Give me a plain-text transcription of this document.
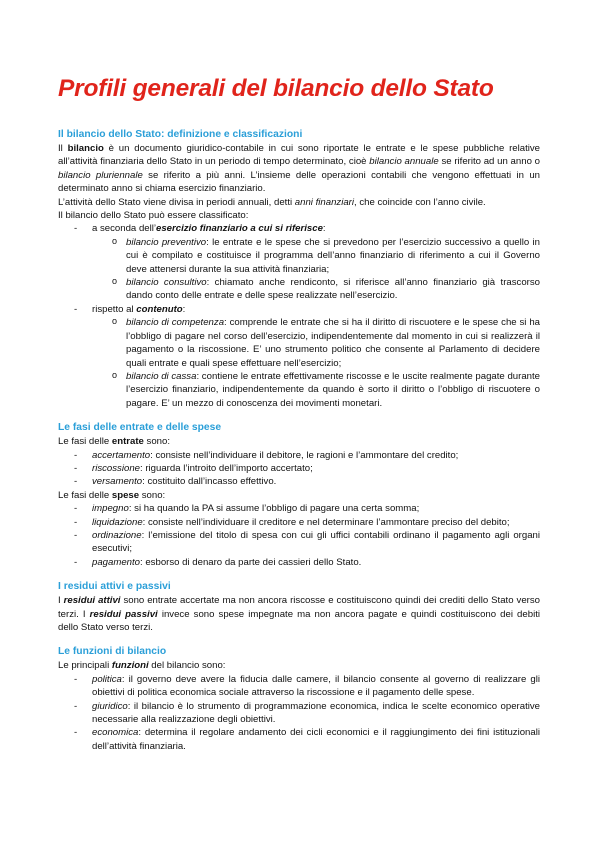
Profili generali del bilancio dello Stato
Il bilancio dello Stato: definizione e classificazioni

Il bilancio è un documento giuridico-contabile in cui sono riportate le entrate e le spese pubbliche relative all’attività finanziaria dello Stato in un periodo di tempo determinato, cioè bilancio annuale se riferito ad un anno o bilancio pluriennale se riferito a più anni. L’insieme delle operazioni contabili che vengono effettuati in un determinato anno si chiama esercizio finanziario.

L’attività dello Stato viene divisa in periodi annuali, detti anni finanziari, che coincide con l’anno civile.

Il bilancio dello Stato può essere classificato:

- a seconda dell’esercizio finanziario a cui si riferisce:
o bilancio preventivo: le entrate e le spese che si prevedono per l’esercizio successivo a quello in cui è compilato e costituisce il programma dell’anno finanziario di riferimento a cui il Governo deve attenersi durante la sua attività finanziaria;
o bilancio consultivo: chiamato anche rendiconto, si riferisce all’anno finanziario già trascorso dando conto delle entrate e delle spese realizzate nell’esercizio.
- rispetto al contenuto:
o bilancio di competenza: comprende le entrate che si ha il diritto di riscuotere e le spese che si ha l’obbligo di pagare nel corso dell’esercizio, indipendentemente dal momento in cui si realizzerà il pagamento o la riscossione. E’ uno strumento politico che consente al Parlamento di decidere quali entrate e quali spese effettuare nell’esercizio;
o bilancio di cassa: contiene le entrate effettivamente riscosse e le uscite realmente pagate durante l’esercizio finanziario, indipendentemente da quando è sorto il diritto o l’obbligo di riscuotere o pagare. E’ un mezzo di conoscenza dei movimenti monetari.
Le fasi delle entrate e delle spese

Le fasi delle entrate sono:

- accertamento: consiste nell’individuare il debitore, le ragioni e l’ammontare del credito;
- riscossione: riguarda l’introito dell’importo accertato;
- versamento: costituito dall’incasso effettivo.

Le fasi delle spese sono:

- impegno: si ha quando la PA si assume l’obbligo di pagare una certa somma;
- liquidazione: consiste nell’individuare il creditore e nel determinare l’ammontare preciso del debito;
- ordinazione: l’emissione del titolo di spesa con cui gli uffici contabili ordinano il pagamento agli organi esecutivi;
- pagamento: esborso di denaro da parte dei cassieri dello Stato.
I residui attivi e passivi

I residui attivi sono entrate accertate ma non ancora riscosse e costituiscono quindi dei crediti dello Stato verso terzi. I residui passivi invece sono spese impegnate ma non ancora pagate e quindi costituiscono dei debiti dello Stato verso terzi.

Le funzioni di bilancio

Le principali funzioni del bilancio sono:

- politica: il governo deve avere la fiducia dalle camere, il bilancio consente al governo di realizzare gli obiettivi di politica economica sociale attraverso la riscossione e il pagamento delle spese.
- giuridico: il bilancio è lo strumento di programmazione economica, indica le scelte economico operative necessarie alla realizzazione degli obiettivi.
- economica: determina il regolare andamento dei cicli economici e il raggiungimento dei fini istituzionali dell’attività finanziaria.
